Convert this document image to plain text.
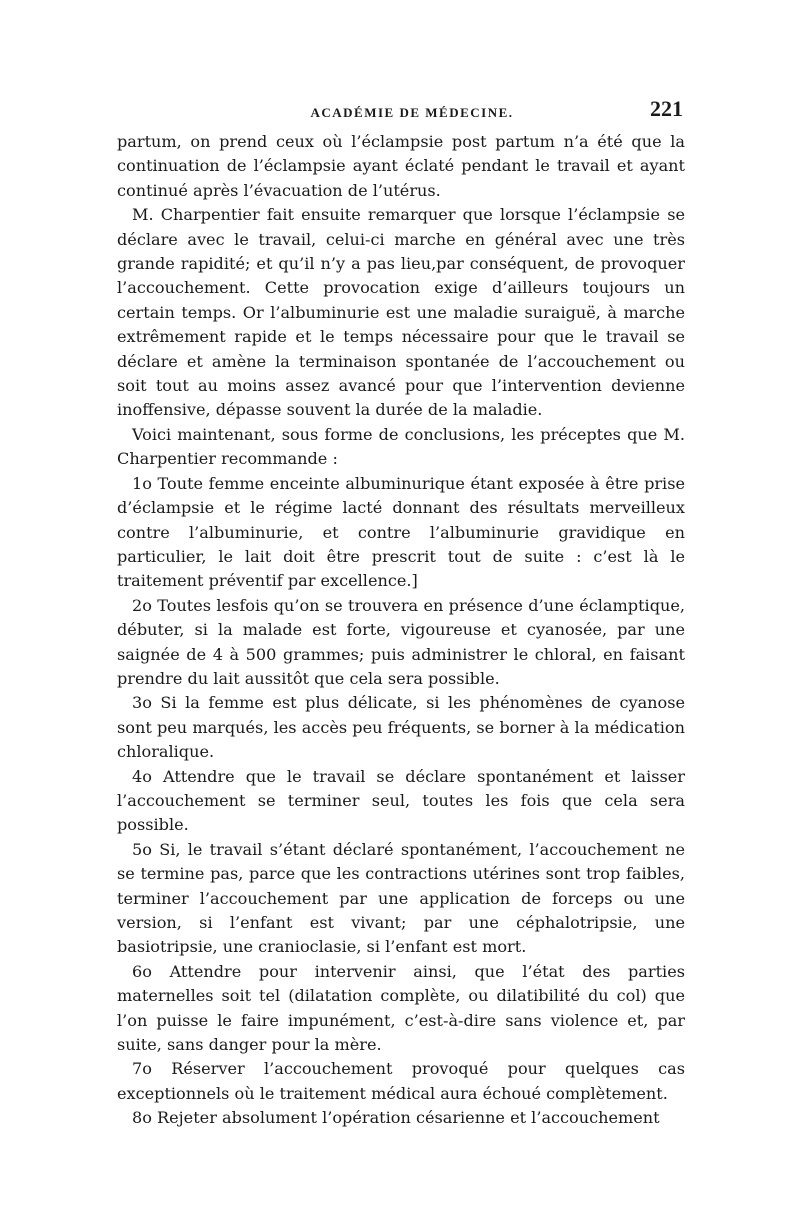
$_{ACADÉMIE DE MÉDECINE.}$	221

partum, on prend ceux où l’éclampsie post partum n’a été que la continuation de l’éclampsie ayant éclaté pendant le travail et ayant continué après l’évacuation de l’utérus.

M. Charpentier fait ensuite remarquer que lorsque l’éclampsie se déclare avec le travail, celui-ci marche en général avec une très grande rapidité; et qu’il n’y a pas lieu,par conséquent, de provoquer l’accouchement. Cette provocation exige d’ailleurs toujours un certain temps. Or l’albuminurie est une maladie suraiguë, à marche extrêmement rapide et le temps nécessaire pour que le travail se déclare et amène la terminaison spontanée de l’accouchement ou soit tout au moins assez avancé pour que l’intervention devienne inoffensive, dépasse souvent la durée de la maladie.

Voici maintenant, sous forme de conclusions, les préceptes que M. Charpentier recommande :

1o Toute femme enceinte albuminurique étant exposée à être prise d’éclampsie et le régime lacté donnant des résultats merveilleux contre l’albuminurie, et contre l’albuminurie gravidique en particulier, le lait doit être prescrit tout de suite : c’est là le traitement préventif par excellence.]

2o Toutes lesfois qu’on se trouvera en présence d’une éclamptique, débuter, si la malade est forte, vigoureuse et cyanosée, par une saignée de 4 à 500 grammes; puis administrer le chloral, en faisant prendre du lait aussitôt que cela sera possible.

3o Si la femme est plus délicate, si les phénomènes de cyanose sont peu marqués, les accès peu fréquents, se borner à la médication chloralique.

4o Attendre que le travail se déclare spontanément et laisser l’accouchement se terminer seul, toutes les fois que cela sera possible.

5o Si, le travail s’étant déclaré spontanément, l’accouchement ne se termine pas, parce que les contractions utérines sont trop faibles, terminer l’accouchement par une application de forceps ou une version, si l’enfant est vivant; par une céphalotripsie, une basiotripsie, une cranioclasie, si l’enfant est mort.

6o Attendre pour intervenir ainsi, que l’état des parties maternelles soit tel (dilatation complète, ou dilatibilité du col) que l’on puisse le faire impunément, c’est-à-dire sans violence et, par suite, sans danger pour la mère.

7o Réserver l’accouchement provoqué pour quelques cas exceptionnels où le traitement médical aura échoué complètement.

8o Rejeter absolument l’opération césarienne et l’accouchement
